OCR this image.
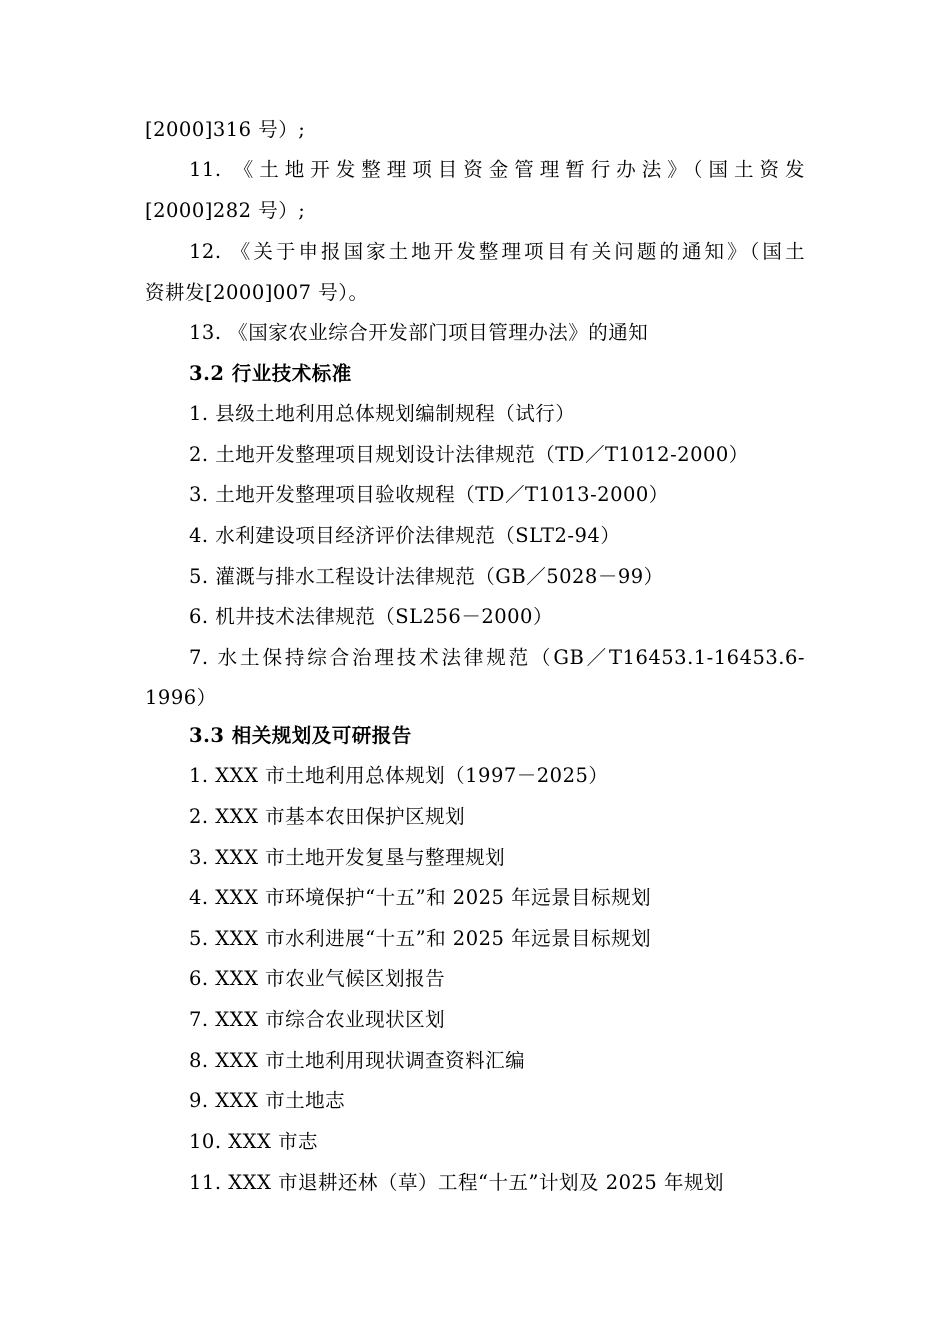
[2000]316 号）;
11. 《土地开发整理项目资金管理暂行办法》（国土资发
[2000]282 号）;
12. 《关于申报国家土地开发整理项目有关问题的通知》（国土
资耕发[2000]007 号）。
13. 《国家农业综合开发部门项目管理办法》的通知
3.2 行业技术标准
1. 县级土地利用总体规划编制规程（试行）
2. 土地开发整理项目规划设计法律规范（TD／T1012-2000）
3. 土地开发整理项目验收规程（TD／T1013-2000）
4. 水利建设项目经济评价法律规范（SLT2-94）
5. 灌溉与排水工程设计法律规范（GB／5028－99）
6. 机井技术法律规范（SL256－2000）
7. 水土保持综合治理技术法律规范（GB／T16453.1-16453.6-
1996）
3.3 相关规划及可研报告
1. XXX 市土地利用总体规划（1997－2025）
2. XXX 市基本农田保护区规划
3. XXX 市土地开发复垦与整理规划
4. XXX 市环境保护“十五”和 2025 年远景目标规划
5. XXX 市水利进展“十五”和 2025 年远景目标规划
6. XXX 市农业气候区划报告
7. XXX 市综合农业现状区划
8. XXX 市土地利用现状调查资料汇编
9. XXX 市土地志
10. XXX 市志
11. XXX 市退耕还林（草）工程“十五”计划及 2025 年规划
